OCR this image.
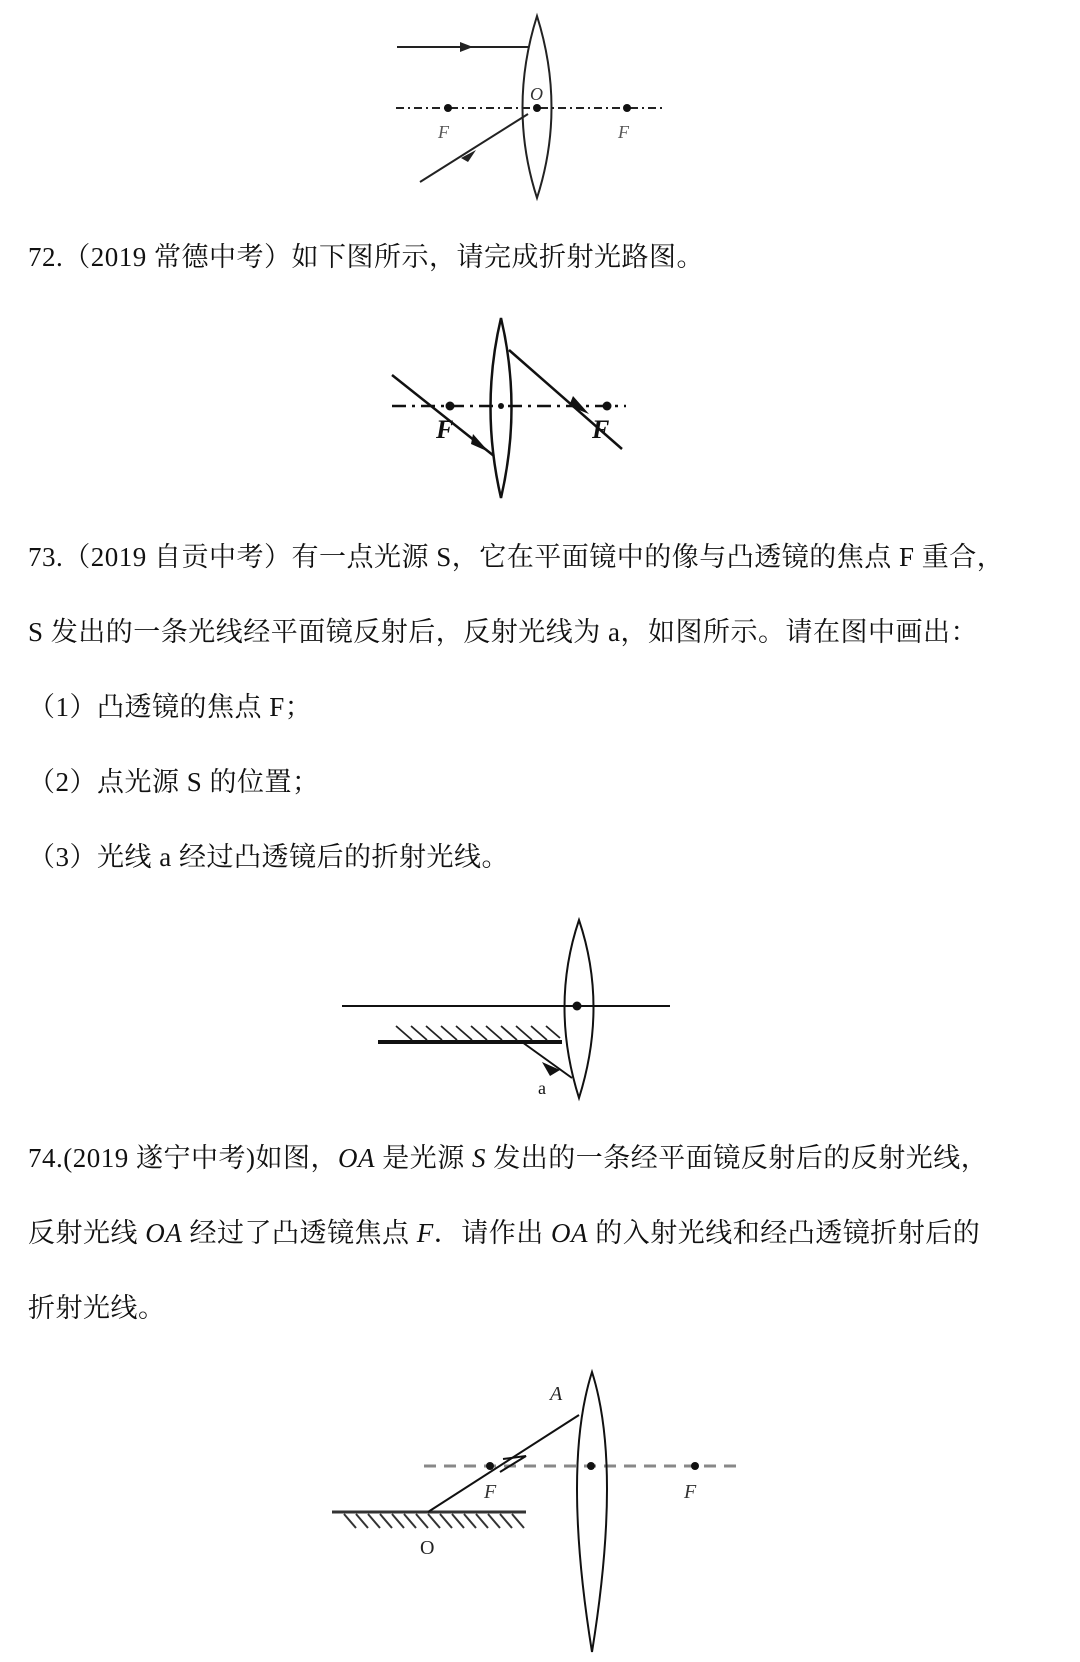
O
F	F
72.（2019 常德中考）如下图所示，请完成折射光路图。
F	F
73.（2019 自贡中考）有一点光源 S，它在平面镜中的像与凸透镜的焦点 F 重合，
S 发出的一条光线经平面镜反射后，反射光线为 a，如图所示。请在图中画出：
（1）凸透镜的焦点 F；
（2）点光源 S 的位置；
（3）光线 a 经过凸透镜后的折射光线。
a
74.(2019 遂宁中考)如图，OA 是光源 S 发出的一条经平面镜反射后的反射光线，
反射光线 OA 经过了凸透镜焦点 F．请作出 OA 的入射光线和经凸透镜折射后的
折射光线。
A
O
F	F
